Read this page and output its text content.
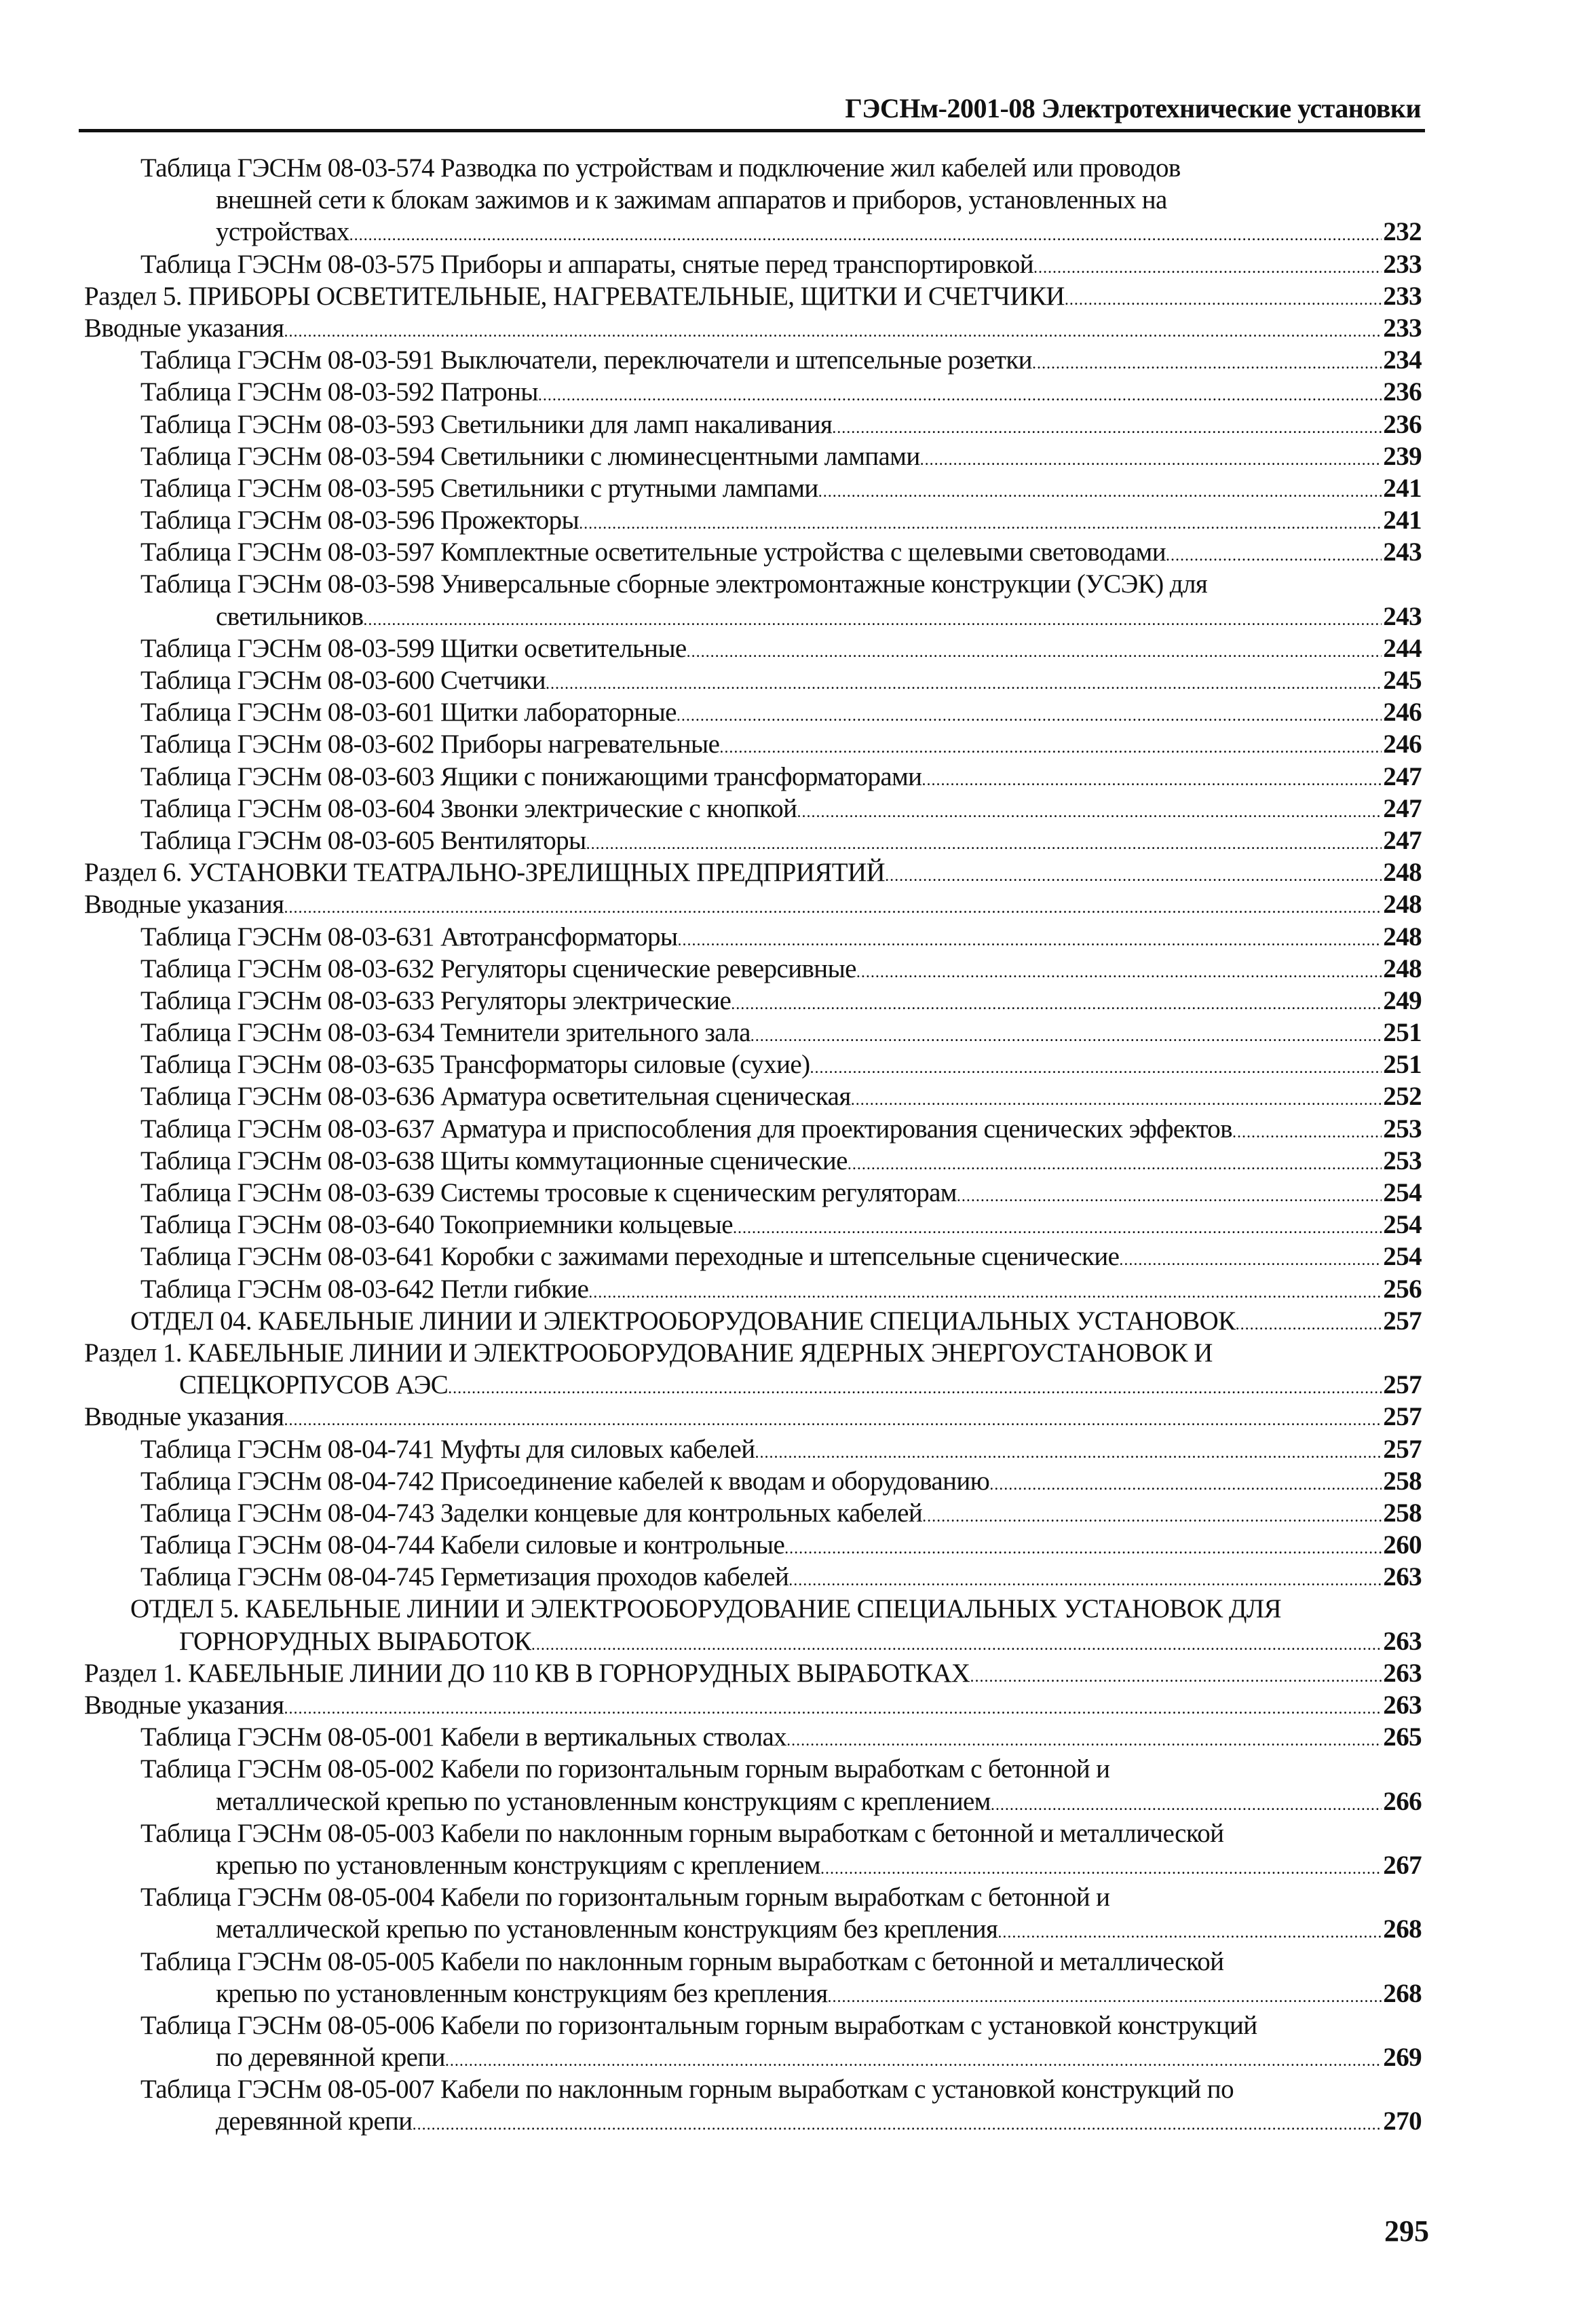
ГЭСНм-2001-08 Электротехнические установки
Таблица ГЭСНм 08-03-574 Разводка по устройствам и подключение жил кабелей или проводов
внешней сети к блокам зажимов и к зажимам аппаратов и приборов, установленных на
устройствах .....	232
Таблица ГЭСНм 08-03-575 Приборы и аппараты, снятые перед транспортировкой .....	233
Раздел 5. ПРИБОРЫ ОСВЕТИТЕЛЬНЫЕ, НАГРЕВАТЕЛЬНЫЕ, ЩИТКИ И СЧЕТЧИКИ .....	233
Вводные указания .....	233
Таблица ГЭСНм 08-03-591 Выключатели, переключатели и штепсельные розетки .....	234
Таблица ГЭСНм 08-03-592 Патроны .....	236
Таблица ГЭСНм 08-03-593 Светильники для ламп накаливания .....	236
Таблица ГЭСНм 08-03-594 Светильники с люминесцентными лампами .....	239
Таблица ГЭСНм 08-03-595 Светильники с ртутными лампами .....	241
Таблица ГЭСНм 08-03-596 Прожекторы .....	241
Таблица ГЭСНм 08-03-597 Комплектные осветительные устройства с щелевыми световодами .....	243
Таблица ГЭСНм 08-03-598 Универсальные сборные электромонтажные конструкции (УСЭК) для
светильников .....	243
Таблица ГЭСНм 08-03-599 Щитки осветительные .....	244
Таблица ГЭСНм 08-03-600 Счетчики .....	245
Таблица ГЭСНм 08-03-601 Щитки лабораторные .....	246
Таблица ГЭСНм 08-03-602 Приборы нагревательные .....	246
Таблица ГЭСНм 08-03-603 Ящики с понижающими трансформаторами .....	247
Таблица ГЭСНм 08-03-604 Звонки электрические с кнопкой .....	247
Таблица ГЭСНм 08-03-605 Вентиляторы .....	247
Раздел 6. УСТАНОВКИ ТЕАТРАЛЬНО-ЗРЕЛИЩНЫХ ПРЕДПРИЯТИЙ .....	248
Вводные указания .....	248
Таблица ГЭСНм 08-03-631 Автотрансформаторы .....	248
Таблица ГЭСНм 08-03-632 Регуляторы сценические реверсивные .....	248
Таблица ГЭСНм 08-03-633 Регуляторы электрические .....	249
Таблица ГЭСНм 08-03-634 Темнители зрительного зала .....	251
Таблица ГЭСНм 08-03-635 Трансформаторы силовые (сухие) .....	251
Таблица ГЭСНм 08-03-636 Арматура осветительная сценическая .....	252
Таблица ГЭСНм 08-03-637 Арматура и приспособления для проектирования сценических эффектов .....	253
Таблица ГЭСНм 08-03-638 Щиты коммутационные сценические .....	253
Таблица ГЭСНм 08-03-639 Системы тросовые к сценическим регуляторам .....	254
Таблица ГЭСНм 08-03-640 Токоприемники кольцевые .....	254
Таблица ГЭСНм 08-03-641 Коробки с зажимами переходные и штепсельные сценические .....	254
Таблица ГЭСНм 08-03-642 Петли гибкие .....	256
ОТДЕЛ 04. КАБЕЛЬНЫЕ ЛИНИИ И ЭЛЕКТРООБОРУДОВАНИЕ СПЕЦИАЛЬНЫХ УСТАНОВОК .....	257
Раздел 1. КАБЕЛЬНЫЕ ЛИНИИ И ЭЛЕКТРООБОРУДОВАНИЕ ЯДЕРНЫХ ЭНЕРГОУСТАНОВОК И
СПЕЦКОРПУСОВ АЭС .....	257
Вводные указания .....	257
Таблица ГЭСНм 08-04-741 Муфты для силовых кабелей .....	257
Таблица ГЭСНм 08-04-742 Присоединение кабелей к вводам и оборудованию .....	258
Таблица ГЭСНм 08-04-743 Заделки концевые для контрольных кабелей .....	258
Таблица ГЭСНм 08-04-744 Кабели силовые и контрольные .....	260
Таблица ГЭСНм 08-04-745 Герметизация проходов кабелей .....	263
ОТДЕЛ 5. КАБЕЛЬНЫЕ ЛИНИИ И ЭЛЕКТРООБОРУДОВАНИЕ СПЕЦИАЛЬНЫХ УСТАНОВОК ДЛЯ
ГОРНОРУДНЫХ ВЫРАБОТОК .....	263
Раздел 1. КАБЕЛЬНЫЕ ЛИНИИ ДО 110 КВ В ГОРНОРУДНЫХ ВЫРАБОТКАХ .....	263
Вводные указания .....	263
Таблица ГЭСНм 08-05-001 Кабели в вертикальных стволах .....	265
Таблица ГЭСНм 08-05-002 Кабели по горизонтальным горным выработкам с бетонной и
металлической крепью по установленным конструкциям с креплением .....	266
Таблица ГЭСНм 08-05-003 Кабели по наклонным горным выработкам с бетонной и металлической
крепью по установленным конструкциям с креплением .....	267
Таблица ГЭСНм 08-05-004 Кабели по горизонтальным горным выработкам с бетонной и
металлической крепью по установленным конструкциям без крепления .....	268
Таблица ГЭСНм 08-05-005 Кабели по наклонным горным выработкам с бетонной и металлической
крепью по установленным конструкциям без крепления .....	268
Таблица ГЭСНм 08-05-006 Кабели по горизонтальным горным выработкам с установкой конструкций
по деревянной крепи .....	269
Таблица ГЭСНм 08-05-007 Кабели по наклонным горным выработкам с установкой конструкций по
деревянной крепи .....	270
295
